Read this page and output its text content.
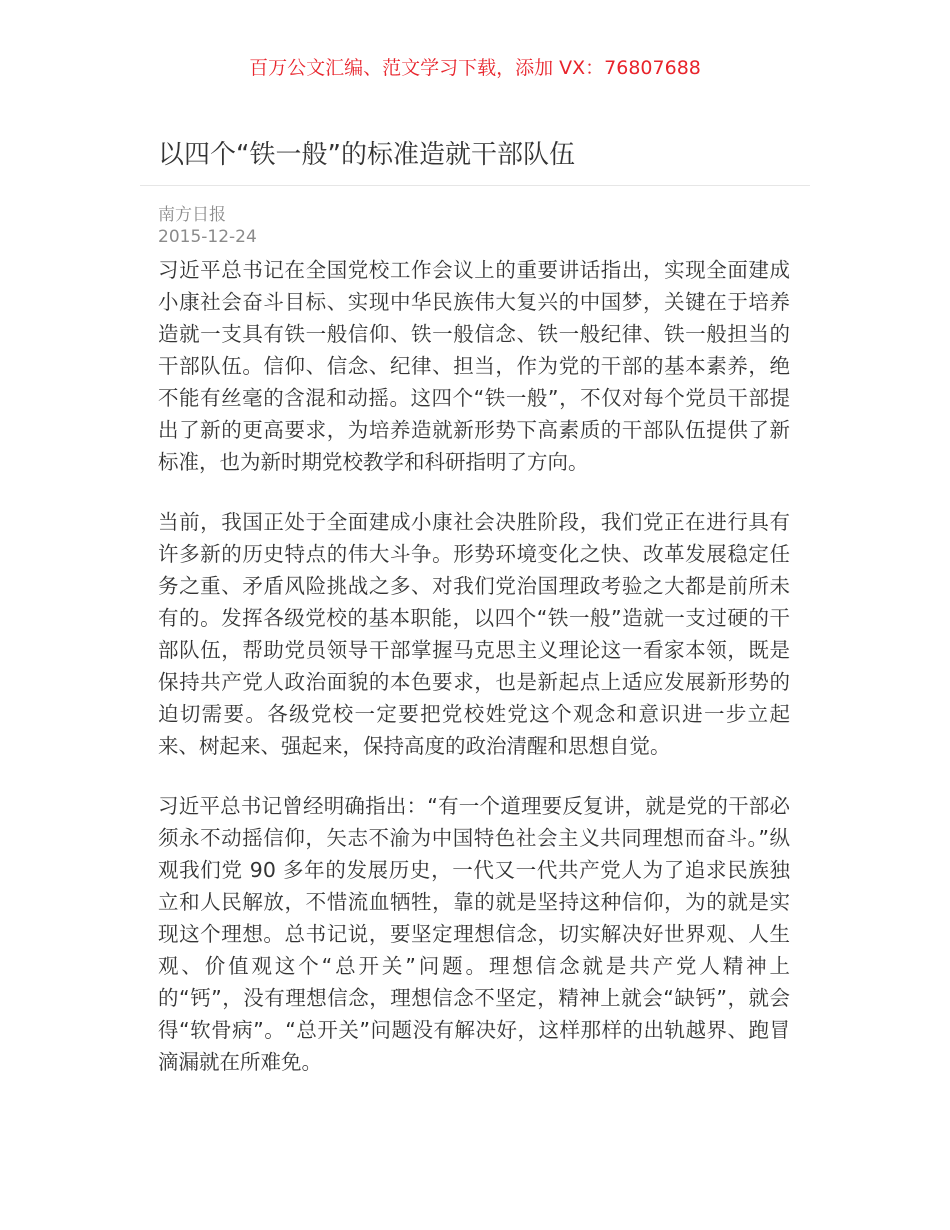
百万公文汇编、范文学习下载，添加 VX：76807688
以四个“铁一般”的标准造就干部队伍
南方日报
2015-12-24
习近平总书记在全国党校工作会议上的重要讲话指出，实现全面建成
小康社会奋斗目标、实现中华民族伟大复兴的中国梦，关键在于培养
造就一支具有铁一般信仰、铁一般信念、铁一般纪律、铁一般担当的
干部队伍。信仰、信念、纪律、担当，作为党的干部的基本素养，绝
不能有丝毫的含混和动摇。这四个“铁一般”，不仅对每个党员干部提
出了新的更高要求，为培养造就新形势下高素质的干部队伍提供了新
标准，也为新时期党校教学和科研指明了方向。
当前，我国正处于全面建成小康社会决胜阶段，我们党正在进行具有
许多新的历史特点的伟大斗争。形势环境变化之快、改革发展稳定任
务之重、矛盾风险挑战之多、对我们党治国理政考验之大都是前所未
有的。发挥各级党校的基本职能，以四个“铁一般”造就一支过硬的干
部队伍，帮助党员领导干部掌握马克思主义理论这一看家本领，既是
保持共产党人政治面貌的本色要求，也是新起点上适应发展新形势的
迫切需要。各级党校一定要把党校姓党这个观念和意识进一步立起
来、树起来、强起来，保持高度的政治清醒和思想自觉。
习近平总书记曾经明确指出：“有一个道理要反复讲，就是党的干部必
须永不动摇信仰，矢志不渝为中国特色社会主义共同理想而奋斗。”纵
观我们党 90 多年的发展历史，一代又一代共产党人为了追求民族独
立和人民解放，不惜流血牺牲，靠的就是坚持这种信仰，为的就是实
现这个理想。总书记说，要坚定理想信念，切实解决好世界观、人生
观、价值观这个“总开关”问题。理想信念就是共产党人精神上
的“钙”，没有理想信念，理想信念不坚定，精神上就会“缺钙”，就会
得“软骨病”。“总开关”问题没有解决好，这样那样的出轨越界、跑冒
滴漏就在所难免。
